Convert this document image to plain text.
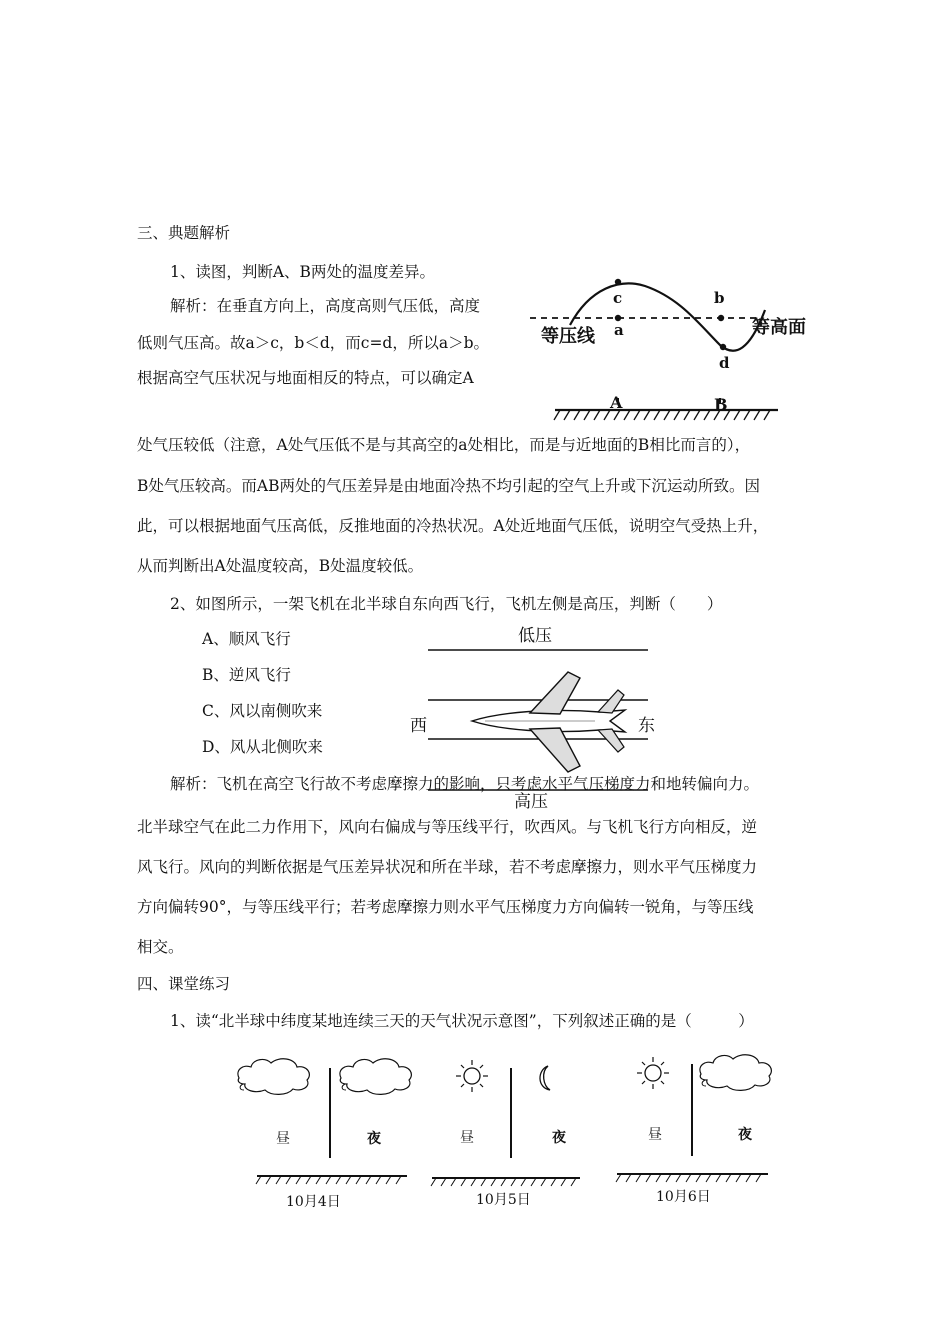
三、典题解析
1、读图，判断A、B两处的温度差异。
解析：在垂直方向上，高度高则气压低，高度
低则气压高。故a＞c，b＜d，而c=d，所以a＞b。
根据高空气压状况与地面相反的特点，可以确定A
处气压较低（注意，A处气压低不是与其高空的a处相比，而是与近地面的B相比而言的），
B处气压较高。而AB两处的气压差异是由地面冷热不均引起的空气上升或下沉运动所致。因
此，可以根据地面气压高低，反推地面的冷热状况。A处近地面气压低，说明空气受热上升，
从而判断出A处温度较高，B处温度较低。
c	b
a
d
等压线	等高面
A	B
2、如图所示，一架飞机在北半球自东向西飞行，飞机左侧是高压，判断（　　）
A、顺风飞行
B、逆风飞行
C、风以南侧吹来
D、风从北侧吹来
低压
高压
西	东
解析：飞机在高空飞行故不考虑摩擦力的影响，只考虑水平气压梯度力和地转偏向力。
北半球空气在此二力作用下，风向右偏成与等压线平行，吹西风。与飞机飞行方向相反，逆
风飞行。风向的判断依据是气压差异状况和所在半球，若不考虑摩擦力，则水平气压梯度力
方向偏转90°，与等压线平行；若考虑摩擦力则水平气压梯度力方向偏转一锐角，与等压线
相交。
四、课堂练习
1、读“北半球中纬度某地连续三天的天气状况示意图”，下列叙述正确的是（　　　）
昼	夜
10月4日
昼	夜
10月5日
昼	夜
10月6日
